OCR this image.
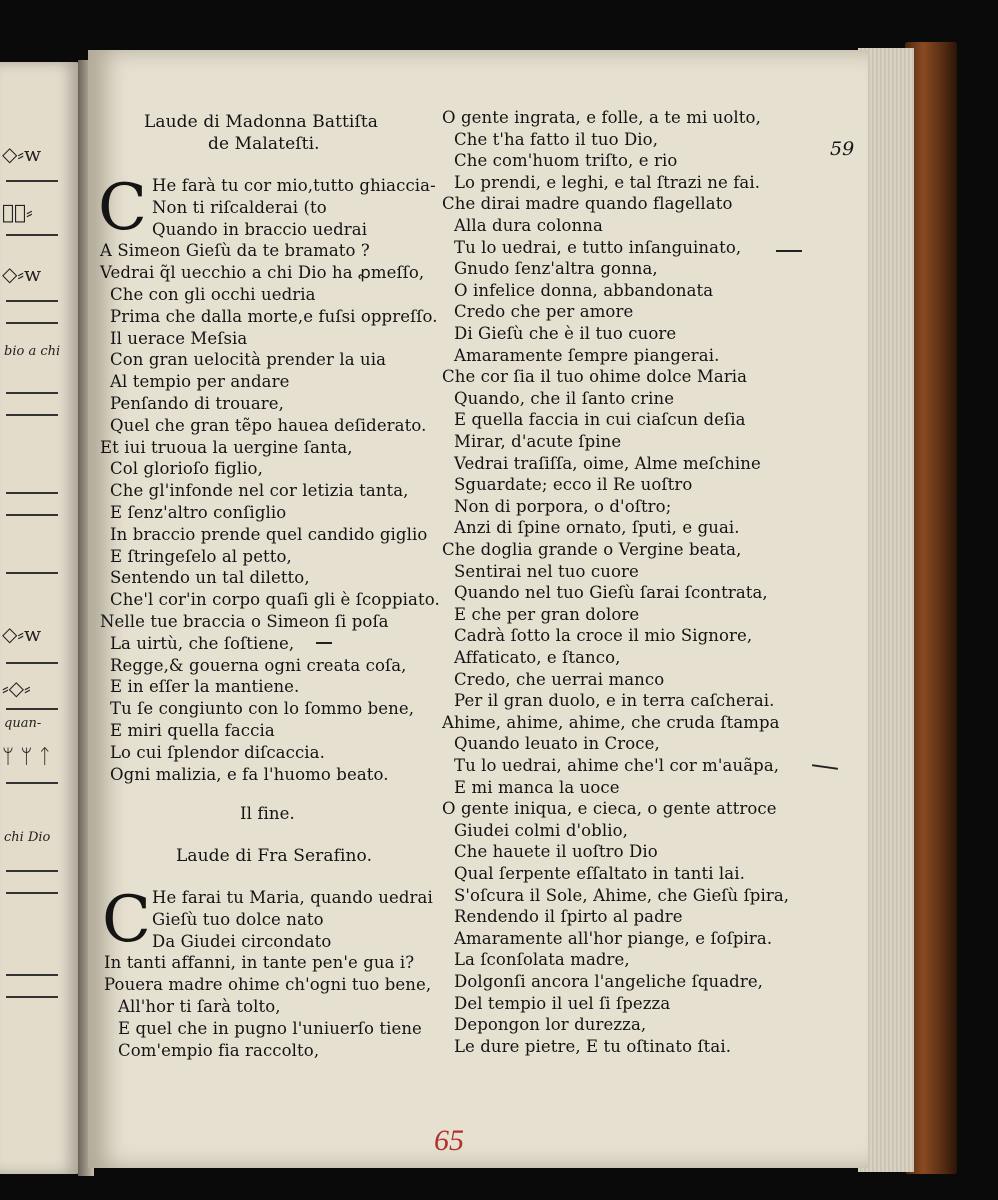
◇⸗w
⸗ు⸗
◇⸗w
bio a chi
◇⸗w
⸗◇⸗
quan-
ᛘ ᛘ ᛏ
chi Dio
59
Laude di Madonna Battiſta
de Malateſti.
C He farà tu cor mio,tutto ghiaccia-
Non ti riſcalderai (to
Quando in braccio uedrai
A Simeon Gieſù da te bramato ?
Vedrai q̃l uecchio a chi Dio ha ꝓmeſſo,
Che con gli occhi uedria
Prima che dalla morte,e fuſsi oppreſſo.
Il uerace Meſsia
Con gran uelocità prender la uia
Al tempio per andare
Penſando di trouare,
Quel che gran tẽpo hauea deſiderato.
Et iui truoua la uergine ſanta,
Col glorioſo figlio,
Che gl'infonde nel cor letizia tanta,
E ſenz'altro conſiglio
In braccio prende quel candido giglio
E ſtringeſelo al petto,
Sentendo un tal diletto,
Che'l cor'in corpo quaſi gli è ſcoppiato.
Nelle tue braccia o Simeon ſi poſa
La uirtù, che ſoſtiene,
Regge,& gouerna ogni creata coſa,
E in eſſer la mantiene.
Tu ſe congiunto con lo ſommo bene,
E miri quella faccia
Lo cui ſplendor diſcaccia.
Ogni malizia, e fa l'huomo beato.
Il fine.
Laude di Fra Serafino.
C He farai tu Maria, quando uedrai
Gieſù tuo dolce nato
Da Giudei circondato
In tanti affanni, in tante pen'e gua i?
Pouera madre ohime ch'ogni tuo bene,
All'hor ti ſarà tolto,
E quel che in pugno l'uniuerſo tiene
Com'empio fia raccolto,
O gente ingrata, e folle, a te mi uolto,
Che t'ha fatto il tuo Dio,
Che com'huom triſto, e rio
Lo prendi, e leghi, e tal ſtrazi ne fai.
Che dirai madre quando flagellato
Alla dura colonna
Tu lo uedrai, e tutto inſanguinato,
Gnudo ſenz'altra gonna,
O infelice donna, abbandonata
Credo che per amore
Di Gieſù che è il tuo cuore
Amaramente ſempre piangerai.
Che cor ſia il tuo ohime dolce Maria
Quando, che il ſanto crine
E quella faccia in cui ciaſcun deſia
Mirar, d'acute ſpine
Vedrai traſiſſa, oime, Alme meſchine
Sguardate; ecco il Re uoſtro
Non di porpora, o d'oſtro;
Anzi di ſpine ornato, ſputi, e guai.
Che doglia grande o Vergine beata,
Sentirai nel tuo cuore
Quando nel tuo Gieſù ſarai ſcontrata,
E che per gran dolore
Cadrà ſotto la croce il mio Signore,
Affaticato, e ſtanco,
Credo, che uerrai manco
Per il gran duolo, e in terra caſcherai.
Ahime, ahime, ahime, che cruda ſtampa
Quando leuato in Croce,
Tu lo uedrai, ahime che'l cor m'auãpa,
E mi manca la uoce
O gente iniqua, e cieca, o gente attroce
Giudei colmi d'oblio,
Che hauete il uoſtro Dio
Qual ſerpente eſſaltato in tanti lai.
S'oſcura il Sole, Ahime, che Gieſù ſpira,
Rendendo il ſpirto al padre
Amaramente all'hor piange, e ſoſpira.
La ſconſolata madre,
Dolgonſi ancora l'angeliche ſquadre,
Del tempio il uel ſi ſpezza
Depongon lor durezza,
Le dure pietre, E tu oſtinato ſtai.
65
